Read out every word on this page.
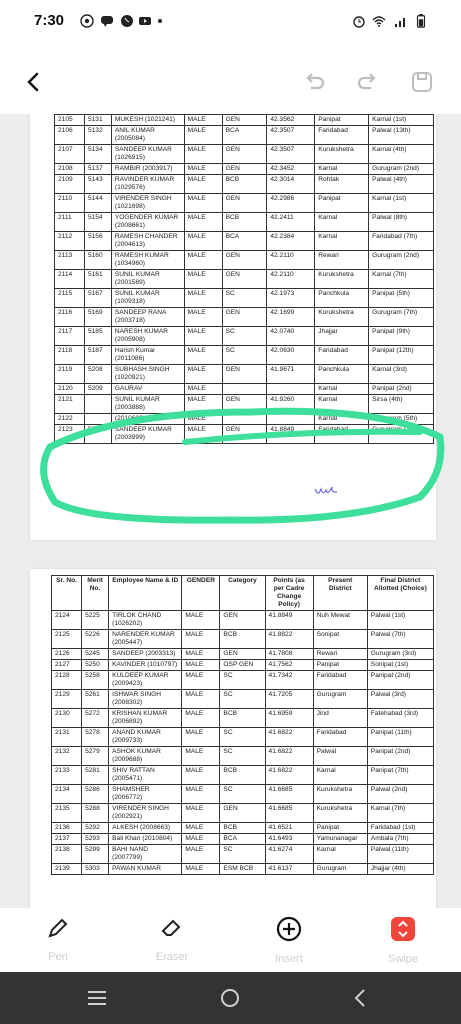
7:30
2105	5131	MUKESH (1021241)	MALE	GEN	42.3562	Panipat	Karnal (1st)
2106	5132	ANIL KUMAR (2005084)	MALE	BCA	42.3507	Faridabad	Palwal (13th)
2107	5134	SANDEEP KUMAR (1026915)	MALE	GEN	42.3507	Kurukshetra	Karnal (4th)
2108	5137	RAMBIR (2003917)	MALE	GEN	42.3452	Karnal	Gurugram (2nd)
2109	5143	RAVINDER KUMAR (1029576)	MALE	BCB	42.3014	Rohtak	Palwal (4th)
2110	5144	VIRENDER SINGH (1021698)	MALE	GEN	42.2986	Panipat	Karnal (1st)
2111	5154	YOGENDER KUMAR (2008661)	MALE	BCB	42.2411	Karnal	Palwal (8th)
2112	5156	RAMESH CHANDER (2004613)	MALE	BCA	42.2384	Karnal	Faridabad (7th)
2113	5160	RAMESH KUMAR (1034960)	MALE	GEN	42.2110	Rewari	Gurugram (2nd)
2114	5161	SUNIL KUMAR (2001589)	MALE	GEN	42.2110	Kurukshetra	Karnal (7th)
2115	5167	SUNIL KUMAR (1009318)	MALE	SC	42.1973	Panchkula	Panipat (5th)
2116	5169	SANDEEP RANA (2003718)	MALE	GEN	42.1699	Kurukshetra	Gurugram (7th)
2117	5185	NARESH KUMAR (2005908)	MALE	SC	42.0740	Jhajjar	Panipat (9th)
2118	5187	Harish Kumar (2011086)	MALE	SC	42.0630	Faridabad	Panipat (12th)
2119	5208	SUBHASH SINGH (1020921)	MALE	GEN	41.9671	Panchkula	Karnal (3rd)
2120	5209	GAURAV	MALE			Karnal	Panipat (2nd)
2121		SUNIL KUMAR (2003888)	MALE	GEN	41.9260	Karnal	Sirsa (4th)
2122		(2010693)	MALE			Karnal	Gurugram (5th)
2123	5223	SANDEEP KUMAR (2003999)	MALE	GEN	41.8849	Faridabad	Gurugram (7th)
Sr. No.	Merit No.	Employee Name & ID	GENDER	Category	Points (as per Cadre Change Policy)	Present District	Final District Allotted (Choice)
2124	5225	TIRLOK CHAND (1026202)	MALE	GEN	41.8849	Nuh Mewat	Palwal (1st)
2125	5226	NARENDER KUMAR (2005447)	MALE	BCB	41.8822	Sonipat	Palwal (7th)
2126	5245	SANDEEP (2003313)	MALE	GEN	41.7808	Rewari	Gurugram (3rd)
2127	5250	KAVINDER (1010797)	MALE	OSP GEN	41.7562	Panipat	Sonipat (1st)
2128	5258	KULDEEP KUMAR (2009423)	MALE	SC	41.7342	Faridabad	Panipat (2nd)
2129	5261	ISHWAR SINGH (2008302)	MALE	SC	41.7205	Gurugram	Palwal (3rd)
2130	5272	KRISHAN KUMAR (2006892)	MALE	BCB	41.6959	Jind	Fatehabad (3rd)
2131	5278	ANAND KUMAR (2009733)	MALE	SC	41.6822	Faridabad	Panipat (11th)
2132	5279	ASHOK KUMAR (2009688)	MALE	SC	41.6822	Palwal	Panipat (2nd)
2133	5281	SHIV RATTAN (2005471)	MALE	BCB	41.6822	Karnal	Panipat (7th)
2134	5286	SHAMSHER (2006772)	MALE	SC	41.6685	Kurukshetra	Palwal (2nd)
2135	5288	VIRENDER SINGH (2002921)	MALE	GEN	41.6685	Kurukshetra	Karnal (7th)
2136	5292	ALKESH (2008663)	MALE	BCB	41.6521	Panipat	Faridabad (1st)
2137	5293	Bali Khan (2010804)	MALE	BCA	41.6493	Yamunanagar	Ambala (7th)
2138	5299	BAHI NAND (2007799)	MALE	SC	41.6274	Karnal	Palwal (11th)
2139	5303	PAWAN KUMAR	MALE	ESM BCB	41.6137	Gurugram	Jhajjar (4th)
Pen	Eraser	Insert	Swipe
